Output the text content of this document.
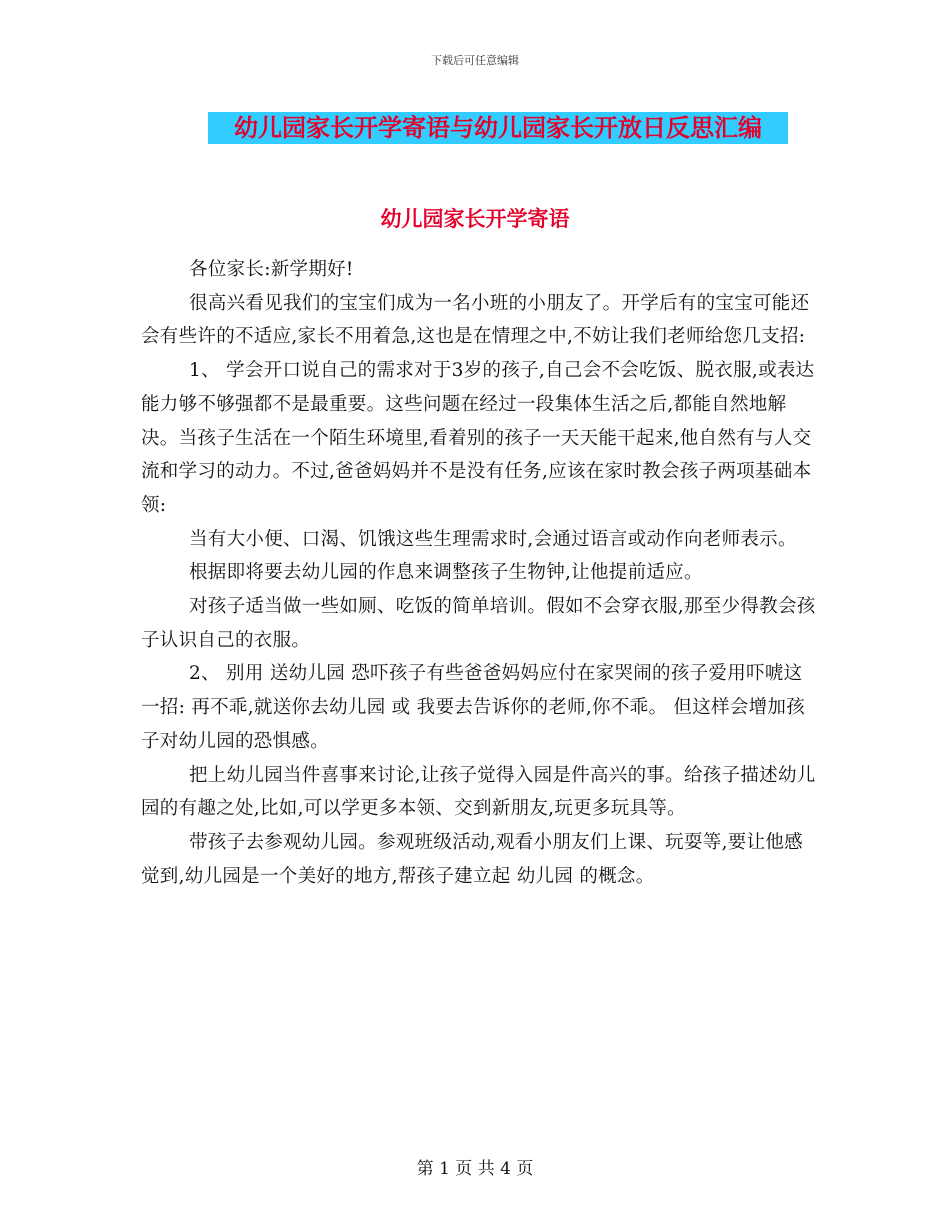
下载后可任意编辑
幼儿园家长开学寄语与幼儿园家长开放日反思汇编
幼儿园家长开学寄语

各位家长:新学期好!

很高兴看见我们的宝宝们成为一名小班的小朋友了。开学后有的宝宝可能还会有些许的不适应,家长不用着急,这也是在情理之中,不妨让我们老师给您几支招:

1、 学会开口说自己的需求对于3岁的孩子,自己会不会吃饭、脱衣服,或表达能力够不够强都不是最重要。这些问题在经过一段集体生活之后,都能自然地解决。当孩子生活在一个陌生环境里,看着别的孩子一天天能干起来,他自然有与人交流和学习的动力。不过,爸爸妈妈并不是没有任务,应该在家时教会孩子两项基础本领:

当有大小便、口渴、饥饿这些生理需求时,会通过语言或动作向老师表示。

根据即将要去幼儿园的作息来调整孩子生物钟,让他提前适应。

对孩子适当做一些如厕、吃饭的简单培训。假如不会穿衣服,那至少得教会孩子认识自己的衣服。

2、 别用 送幼儿园 恐吓孩子有些爸爸妈妈应付在家哭闹的孩子爱用吓唬这一招: 再不乖,就送你去幼儿园 或 我要去告诉你的老师,你不乖。 但这样会增加孩子对幼儿园的恐惧感。

把上幼儿园当件喜事来讨论,让孩子觉得入园是件高兴的事。给孩子描述幼儿园的有趣之处,比如,可以学更多本领、交到新朋友,玩更多玩具等。

带孩子去参观幼儿园。参观班级活动,观看小朋友们上课、玩耍等,要让他感觉到,幼儿园是一个美好的地方,帮孩子建立起 幼儿园 的概念。

第 1 页 共 4 页
